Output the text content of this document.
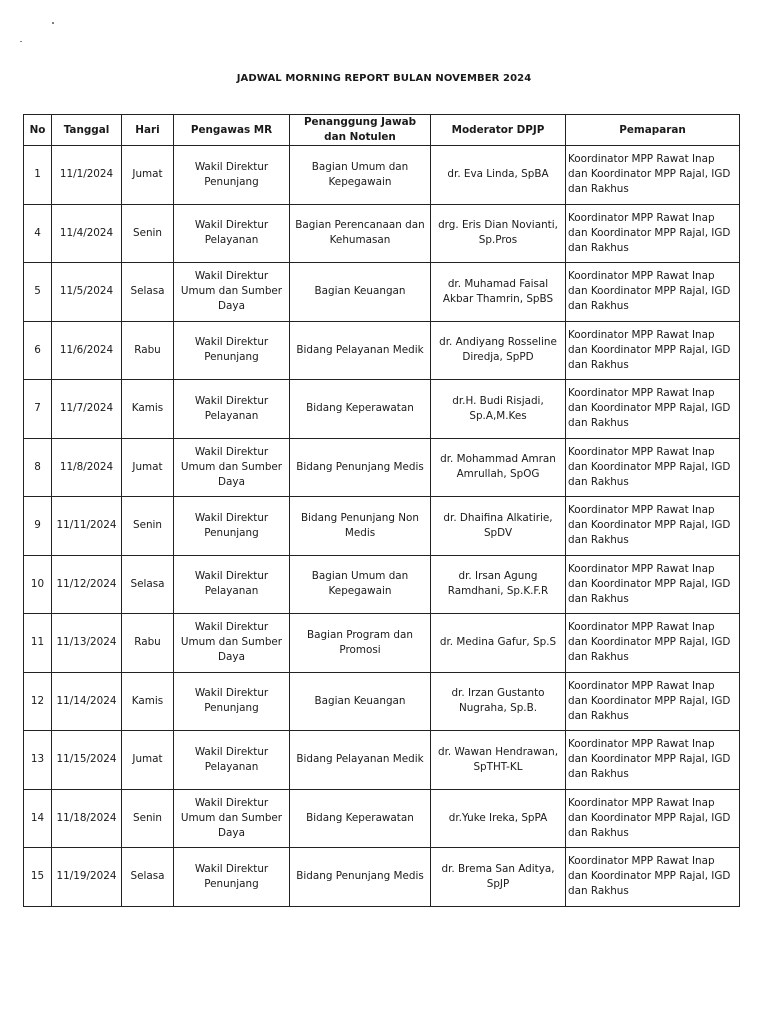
JADWAL MORNING REPORT BULAN NOVEMBER 2024
No	Tanggal	Hari	Pengawas MR	Penanggung Jawab dan Notulen	Moderator DPJP	Pemaparan
1	11/1/2024	Jumat	Wakil Direktur Penunjang	Bagian Umum dan Kepegawain	dr. Eva Linda, SpBA	Koordinator MPP Rawat Inap dan Koordinator MPP Rajal, IGD dan Rakhus
4	11/4/2024	Senin	Wakil Direktur Pelayanan	Bagian Perencanaan dan Kehumasan	drg. Eris Dian Novianti, Sp.Pros	Koordinator MPP Rawat Inap dan Koordinator MPP Rajal, IGD dan Rakhus
5	11/5/2024	Selasa	Wakil Direktur Umum dan Sumber Daya	Bagian Keuangan	dr. Muhamad Faisal Akbar Thamrin, SpBS	Koordinator MPP Rawat Inap dan Koordinator MPP Rajal, IGD dan Rakhus
6	11/6/2024	Rabu	Wakil Direktur Penunjang	Bidang Pelayanan Medik	dr. Andiyang Rosseline Diredja, SpPD	Koordinator MPP Rawat Inap dan Koordinator MPP Rajal, IGD dan Rakhus
7	11/7/2024	Kamis	Wakil Direktur Pelayanan	Bidang Keperawatan	dr.H. Budi Risjadi, Sp.A,M.Kes	Koordinator MPP Rawat Inap dan Koordinator MPP Rajal, IGD dan Rakhus
8	11/8/2024	Jumat	Wakil Direktur Umum dan Sumber Daya	Bidang Penunjang Medis	dr. Mohammad Amran Amrullah, SpOG	Koordinator MPP Rawat Inap dan Koordinator MPP Rajal, IGD dan Rakhus
9	11/11/2024	Senin	Wakil Direktur Penunjang	Bidang Penunjang Non Medis	dr. Dhaifina Alkatirie, SpDV	Koordinator MPP Rawat Inap dan Koordinator MPP Rajal, IGD dan Rakhus
10	11/12/2024	Selasa	Wakil Direktur Pelayanan	Bagian Umum dan Kepegawain	dr. Irsan Agung Ramdhani, Sp.K.F.R	Koordinator MPP Rawat Inap dan Koordinator MPP Rajal, IGD dan Rakhus
11	11/13/2024	Rabu	Wakil Direktur Umum dan Sumber Daya	Bagian Program dan Promosi	dr. Medina Gafur, Sp.S	Koordinator MPP Rawat Inap dan Koordinator MPP Rajal, IGD dan Rakhus
12	11/14/2024	Kamis	Wakil Direktur Penunjang	Bagian Keuangan	dr. Irzan Gustanto Nugraha, Sp.B.	Koordinator MPP Rawat Inap dan Koordinator MPP Rajal, IGD dan Rakhus
13	11/15/2024	Jumat	Wakil Direktur Pelayanan	Bidang Pelayanan Medik	dr. Wawan Hendrawan, SpTHT-KL	Koordinator MPP Rawat Inap dan Koordinator MPP Rajal, IGD dan Rakhus
14	11/18/2024	Senin	Wakil Direktur Umum dan Sumber Daya	Bidang Keperawatan	dr.Yuke Ireka, SpPA	Koordinator MPP Rawat Inap dan Koordinator MPP Rajal, IGD dan Rakhus
15	11/19/2024	Selasa	Wakil Direktur Penunjang	Bidang Penunjang Medis	dr. Brema San Aditya, SpJP	Koordinator MPP Rawat Inap dan Koordinator MPP Rajal, IGD dan Rakhus
